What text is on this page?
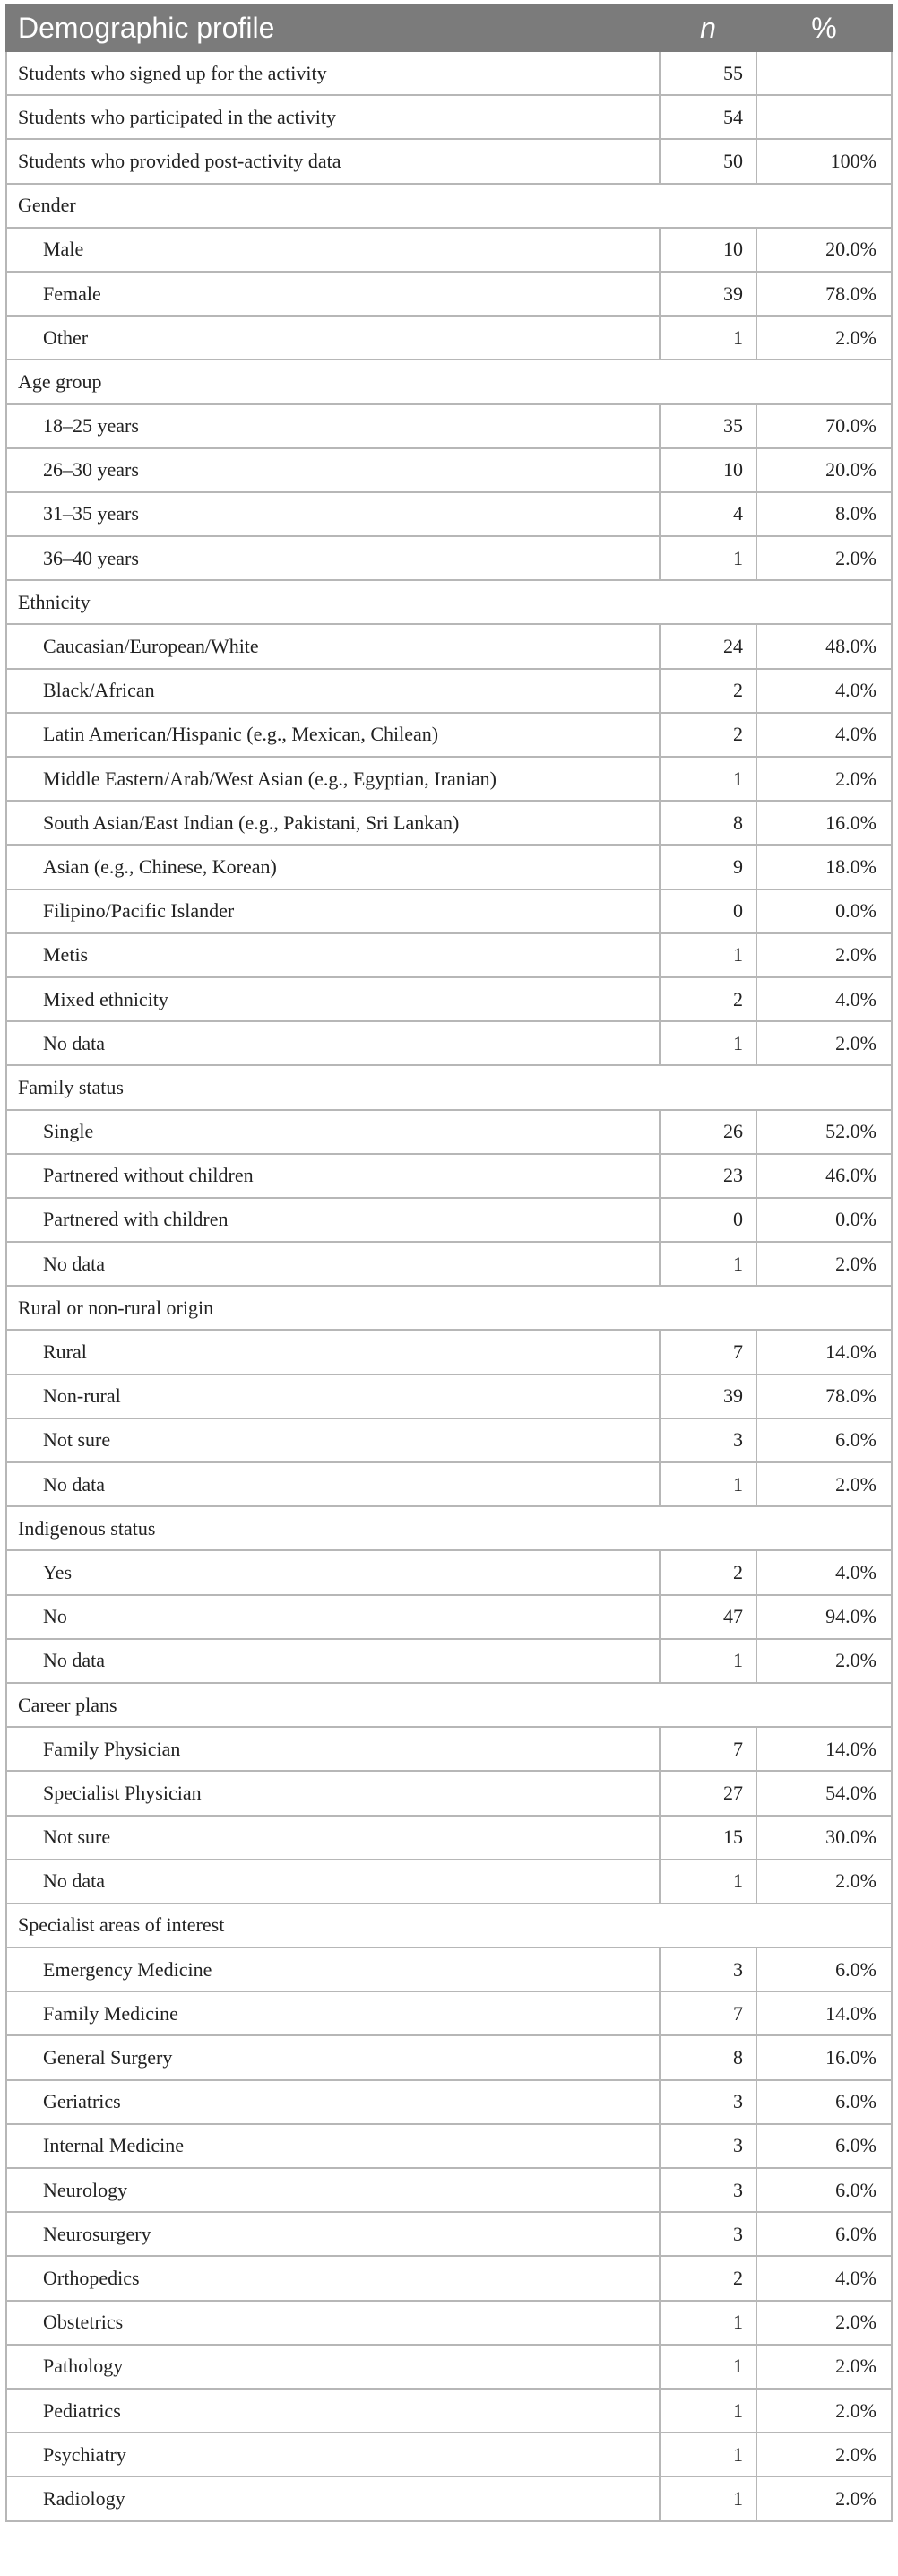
Demographic profile	n	%
Students who signed up for the activity	55	
Students who participated in the activity	54	
Students who provided post-activity data	50	100%
Gender		
Male	10	20.0%
Female	39	78.0%
Other	1	2.0%
Age group		
18–25 years	35	70.0%
26–30 years	10	20.0%
31–35 years	4	8.0%
36–40 years	1	2.0%
Ethnicity		
Caucasian/European/White	24	48.0%
Black/African	2	4.0%
Latin American/Hispanic (e.g., Mexican, Chilean)	2	4.0%
Middle Eastern/Arab/West Asian (e.g., Egyptian, Iranian)	1	2.0%
South Asian/East Indian (e.g., Pakistani, Sri Lankan)	8	16.0%
Asian (e.g., Chinese, Korean)	9	18.0%
Filipino/Pacific Islander	0	0.0%
Metis	1	2.0%
Mixed ethnicity	2	4.0%
No data	1	2.0%
Family status		
Single	26	52.0%
Partnered without children	23	46.0%
Partnered with children	0	0.0%
No data	1	2.0%
Rural or non-rural origin		
Rural	7	14.0%
Non-rural	39	78.0%
Not sure	3	6.0%
No data	1	2.0%
Indigenous status		
Yes	2	4.0%
No	47	94.0%
No data	1	2.0%
Career plans		
Family Physician	7	14.0%
Specialist Physician	27	54.0%
Not sure	15	30.0%
No data	1	2.0%
Specialist areas of interest		
Emergency Medicine	3	6.0%
Family Medicine	7	14.0%
General Surgery	8	16.0%
Geriatrics	3	6.0%
Internal Medicine	3	6.0%
Neurology	3	6.0%
Neurosurgery	3	6.0%
Orthopedics	2	4.0%
Obstetrics	1	2.0%
Pathology	1	2.0%
Pediatrics	1	2.0%
Psychiatry	1	2.0%
Radiology	1	2.0%
